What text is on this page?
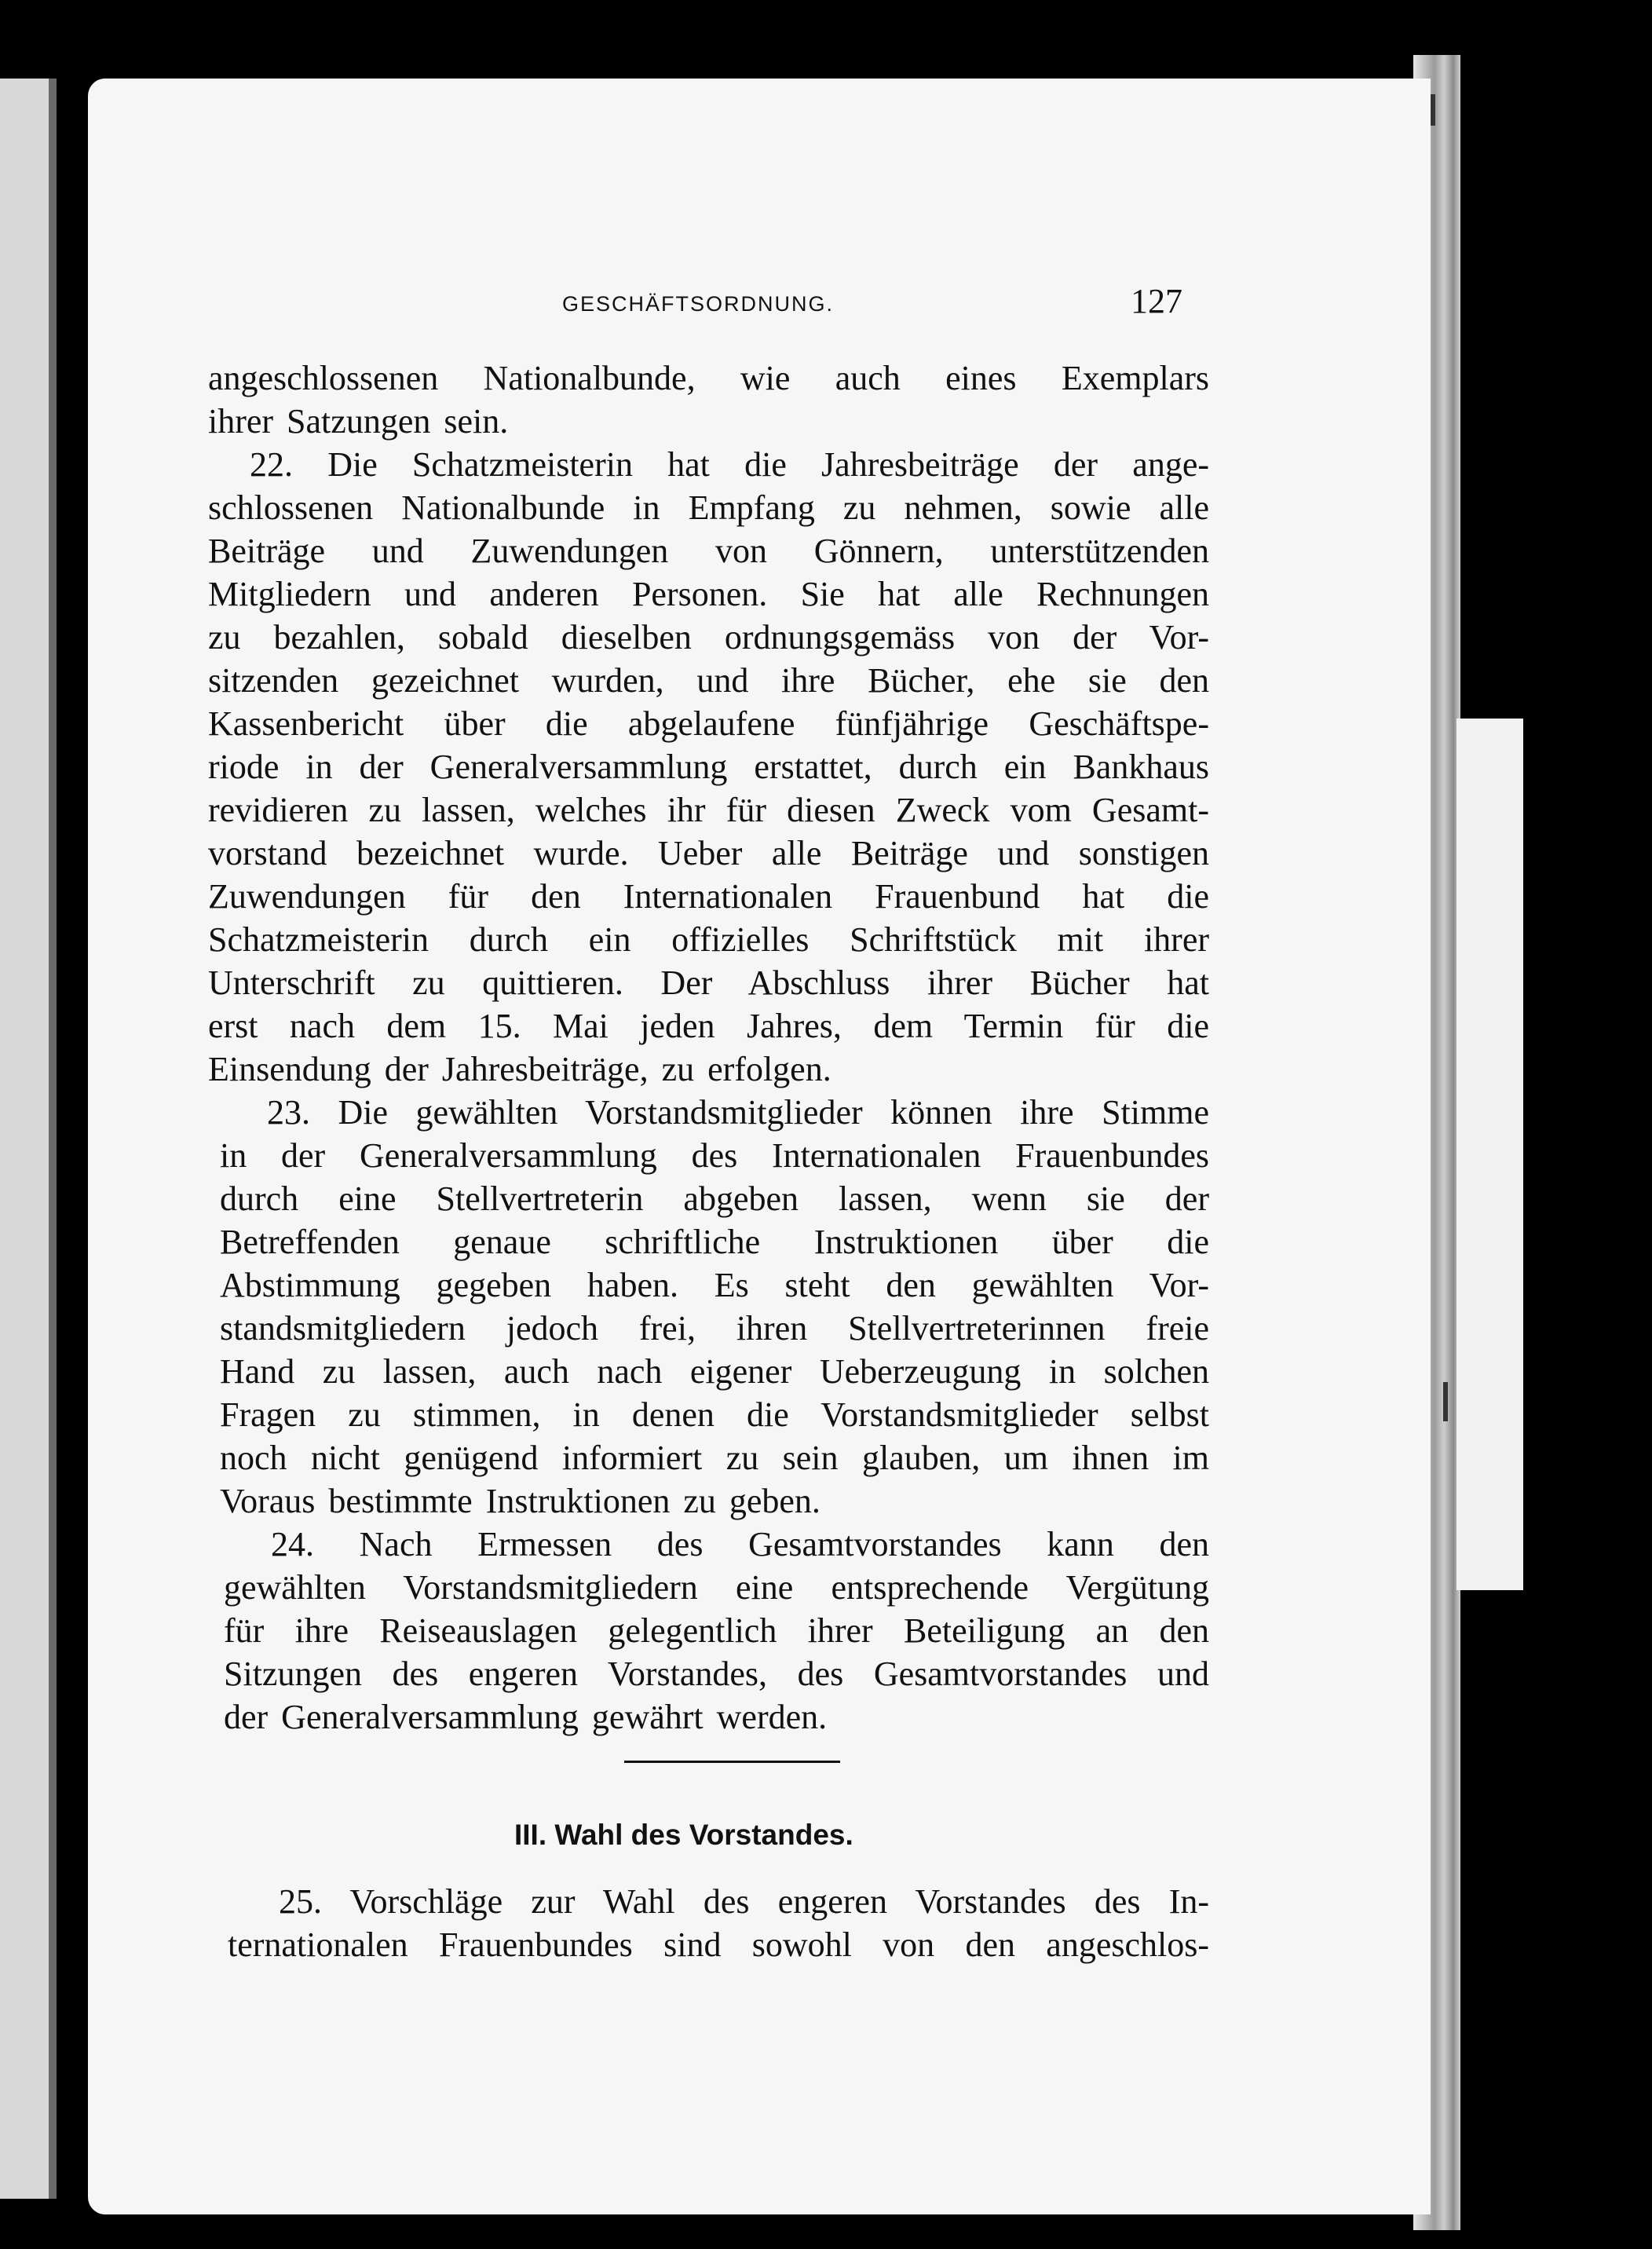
GESCHÄFTSORDNUNG.	127
angeschlossenen Nationalbunde, wie auch eines Exemplars
ihrer Satzungen sein.
22. Die Schatzmeisterin hat die Jahresbeiträge der ange-
schlossenen Nationalbunde in Empfang zu nehmen, sowie alle
Beiträge und Zuwendungen von Gönnern, unterstützenden
Mitgliedern und anderen Personen. Sie hat alle Rechnungen
zu bezahlen, sobald dieselben ordnungsgemäss von der Vor-
sitzenden gezeichnet wurden, und ihre Bücher, ehe sie den
Kassenbericht über die abgelaufene fünfjährige Geschäftspe-
riode in der Generalversammlung erstattet, durch ein Bankhaus
revidieren zu lassen, welches ihr für diesen Zweck vom Gesamt-
vorstand bezeichnet wurde. Ueber alle Beiträge und sonstigen
Zuwendungen für den Internationalen Frauenbund hat die
Schatzmeisterin durch ein offizielles Schriftstück mit ihrer
Unterschrift zu quittieren. Der Abschluss ihrer Bücher hat
erst nach dem 15. Mai jeden Jahres, dem Termin für die
Einsendung der Jahresbeiträge, zu erfolgen.
23. Die gewählten Vorstandsmitglieder können ihre Stimme
in der Generalversammlung des Internationalen Frauenbundes
durch eine Stellvertreterin abgeben lassen, wenn sie der
Betreffenden genaue schriftliche Instruktionen über die
Abstimmung gegeben haben. Es steht den gewählten Vor-
standsmitgliedern jedoch frei, ihren Stellvertreterinnen freie
Hand zu lassen, auch nach eigener Ueberzeugung in solchen
Fragen zu stimmen, in denen die Vorstandsmitglieder selbst
noch nicht genügend informiert zu sein glauben, um ihnen im
Voraus bestimmte Instruktionen zu geben.
24. Nach Ermessen des Gesamtvorstandes kann den
gewählten Vorstandsmitgliedern eine entsprechende Vergütung
für ihre Reiseauslagen gelegentlich ihrer Beteiligung an den
Sitzungen des engeren Vorstandes, des Gesamtvorstandes und
der Generalversammlung gewährt werden.
III. Wahl des Vorstandes.
25. Vorschläge zur Wahl des engeren Vorstandes des In-
ternationalen Frauenbundes sind sowohl von den angeschlos-
